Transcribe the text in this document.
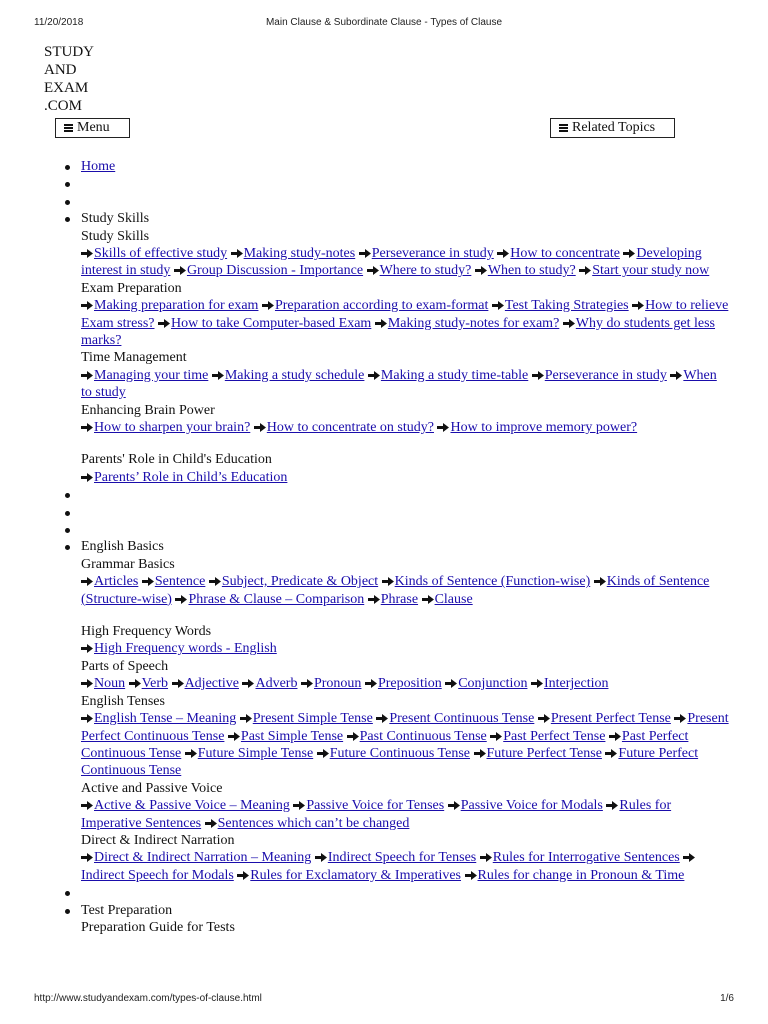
11/20/2018	Main Clause & Subordinate Clause - Types of Clause
STUDY
AND
EXAM
.COM
Menu	Related Topics
Home
Study Skills
Study Skills
Skills of effective study Making study-notes Perseverance in study How to concentrate Developing interest in study Group Discussion - Importance Where to study? When to study? Start your study now
Exam Preparation
Making preparation for exam Preparation according to exam-format Test Taking Strategies How to relieve Exam stress? How to take Computer-based Exam Making study-notes for exam? Why do students get less marks?
Time Management
Managing your time Making a study schedule Making a study time-table Perseverance in study When to study
Enhancing Brain Power
How to sharpen your brain? How to concentrate on study? How to improve memory power?
Parents' Role in Child's Education
Parents’ Role in Child’s Education
English Basics
Grammar Basics
Articles Sentence Subject, Predicate & Object Kinds of Sentence (Function-wise) Kinds of Sentence (Structure-wise) Phrase & Clause – Comparison Phrase Clause
High Frequency Words
High Frequency words - English
Parts of Speech
Noun Verb Adjective Adverb Pronoun Preposition Conjunction Interjection
English Tenses
English Tense – Meaning Present Simple Tense Present Continuous Tense Present Perfect Tense Present Perfect Continuous Tense Past Simple Tense Past Continuous Tense Past Perfect Tense Past Perfect Continuous Tense Future Simple Tense Future Continuous Tense Future Perfect Tense Future Perfect Continuous Tense
Active and Passive Voice
Active & Passive Voice – Meaning Passive Voice for Tenses Passive Voice for Modals Rules for Imperative Sentences Sentences which can’t be changed
Direct & Indirect Narration
Direct & Indirect Narration – Meaning Indirect Speech for Tenses Rules for Interrogative Sentences Indirect Speech for Modals Rules for Exclamatory & Imperatives Rules for change in Pronoun & Time
Test Preparation
Preparation Guide for Tests
http://www.studyandexam.com/types-of-clause.html	1/6
